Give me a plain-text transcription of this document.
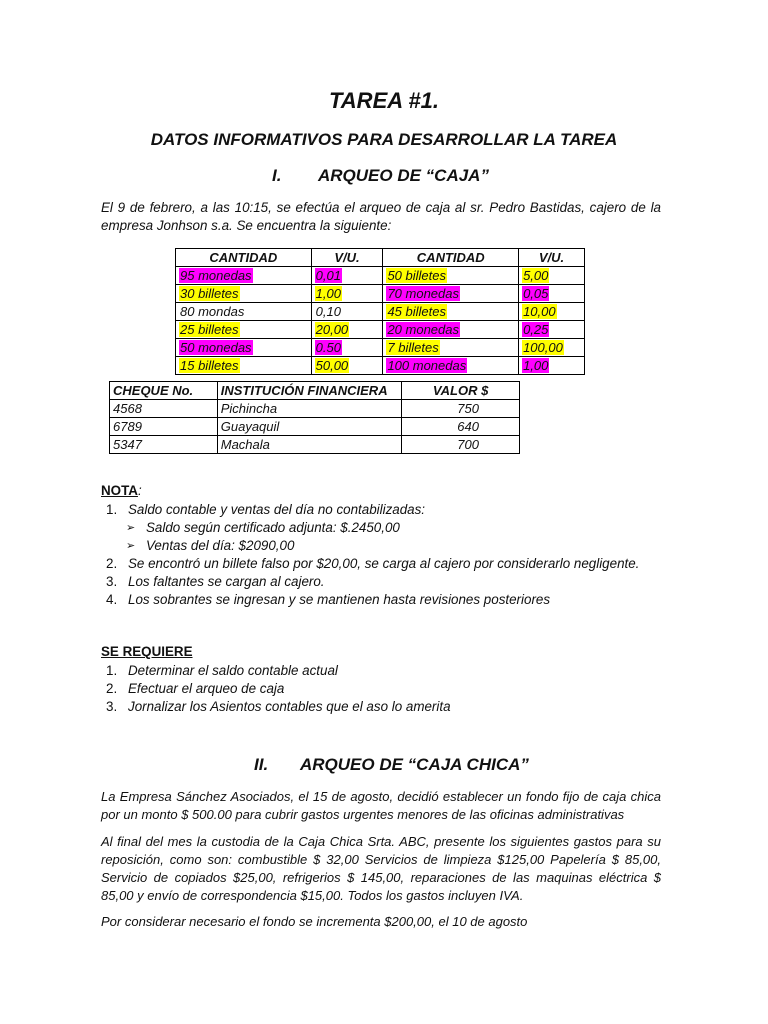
TAREA #1.
DATOS INFORMATIVOS PARA DESARROLLAR LA TAREA
I. ARQUEO DE “CAJA”
El 9 de febrero, a las 10:15, se efectúa el arqueo de caja al sr. Pedro Bastidas, cajero de la empresa Jonhson s.a. Se encuentra la siguiente:
CANTIDAD	V/U.	CANTIDAD	V/U.
95 monedas	0,01	50 billetes	5,00
30 billetes	1,00	70 monedas	0,05
80 mondas	0,10	45 billetes	10,00
25 billetes	20,00	20 monedas	0,25
50 monedas	0.50	7 billetes	100,00
15 billetes	50,00	100 monedas	1,00
CHEQUE No.	INSTITUCIÓN FINANCIERA	VALOR $
4568	Pichincha	750
6789	Guayaquil	640
5347	Machala	700
NOTA:
1. Saldo contable y ventas del día no contabilizadas:
➢ Saldo según certificado adjunta: $.2450,00
➢ Ventas del día: $2090,00
2. Se encontró un billete falso por $20,00, se carga al cajero por considerarlo negligente.
3. Los faltantes se cargan al cajero.
4. Los sobrantes se ingresan y se mantienen hasta revisiones posteriores
SE REQUIERE
1. Determinar el saldo contable actual
2. Efectuar el arqueo de caja
3. Jornalizar los Asientos contables que el aso lo amerita
II. ARQUEO DE “CAJA CHICA”
La Empresa Sánchez Asociados, el 15 de agosto, decidió establecer un fondo fijo de caja chica por un monto $ 500.00 para cubrir gastos urgentes menores de las oficinas administrativas
Al final del mes la custodia de la Caja Chica Srta. ABC, presente los siguientes gastos para su reposición, como son: combustible $ 32,00 Servicios de limpieza $125,00 Papelería $ 85,00, Servicio de copiados $25,00, refrigerios $ 145,00, reparaciones de las maquinas eléctrica $ 85,00 y envío de correspondencia $15,00. Todos los gastos incluyen IVA.
Por considerar necesario el fondo se incrementa $200,00, el 10 de agosto
